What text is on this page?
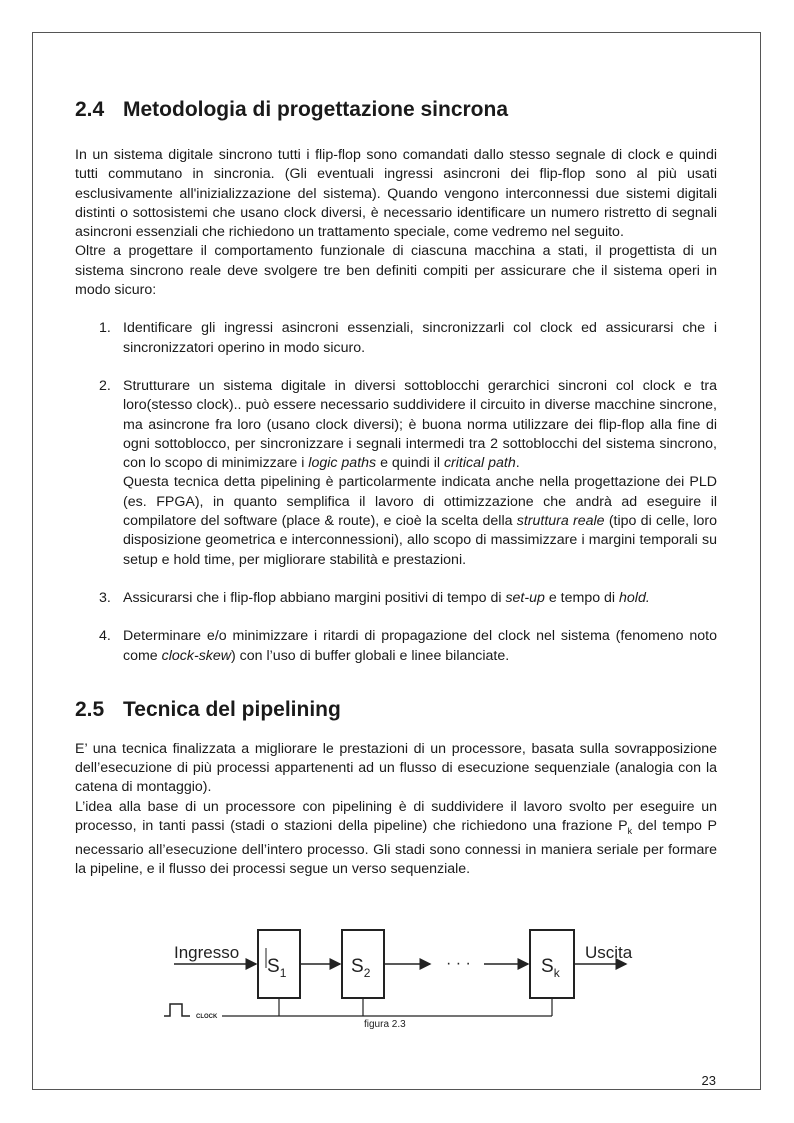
2.4 Metodologia di progettazione sincrona

In un sistema digitale sincrono tutti i flip-flop sono comandati dallo stesso segnale di clock e quindi tutti commutano in sincronia. (Gli eventuali ingressi asincroni dei flip-flop sono al più usati esclusivamente all'inizializzazione del sistema). Quando vengono interconnessi due sistemi digitali distinti o sottosistemi che usano clock diversi, è necessario identificare un numero ristretto di segnali asincroni essenziali che richiedono un trattamento speciale, come vedremo nel seguito.

Oltre a progettare il comportamento funzionale di ciascuna macchina a stati, il progettista di un sistema sincrono reale deve svolgere tre ben definiti compiti per assicurare che il sistema operi in modo sicuro:

1. Identificare gli ingressi asincroni essenziali, sincronizzarli col clock ed assicurarsi che i sincronizzatori operino in modo sicuro.
2. Strutturare un sistema digitale in diversi sottoblocchi gerarchici sincroni col clock e tra loro(stesso clock).. può essere necessario suddividere il circuito in diverse macchine sincrone, ma asincrone fra loro (usano clock diversi); è buona norma utilizzare dei flip-flop alla fine di ogni sottoblocco, per sincronizzare i segnali intermedi tra 2 sottoblocchi del sistema sincrono, con lo scopo di minimizzare i logic paths e quindi il critical path.
Questa tecnica detta pipelining è particolarmente indicata anche nella progettazione dei PLD (es. FPGA), in quanto semplifica il lavoro di ottimizzazione che andrà ad eseguire il compilatore del software (place & route), e cioè la scelta della struttura reale (tipo di celle, loro disposizione geometrica e interconnessioni), allo scopo di massimizzare i margini temporali su setup e hold time, per migliorare stabilità e prestazioni.
3. Assicurarsi che i flip-flop abbiano margini positivi di tempo di set-up e tempo di hold.
4. Determinare e/o minimizzare i ritardi di propagazione del clock nel sistema (fenomeno noto come clock-skew) con l’uso di buffer globali e linee bilanciate.
2.5 Tecnica del pipelining

E’ una tecnica finalizzata a migliorare le prestazioni di un processore, basata sulla sovrapposizione dell’esecuzione di più processi appartenenti ad un flusso di esecuzione sequenziale (analogia con la catena di montaggio).

L’idea alla base di un processore con pipelining è di suddividere il lavoro svolto per eseguire un processo, in tanti passi (stadi o stazioni della pipeline) che richiedono una frazione $P_k$ del tempo P necessario all’esecuzione dell’intero processo. Gli stadi sono connessi in maniera seriale per formare la pipeline, e il flusso dei processi segue un verso sequenziale.

Ingresso
$S_1$	$S_2$
· · ·	$S_k$
Uscita
CLOCK
figura 2.3
23
